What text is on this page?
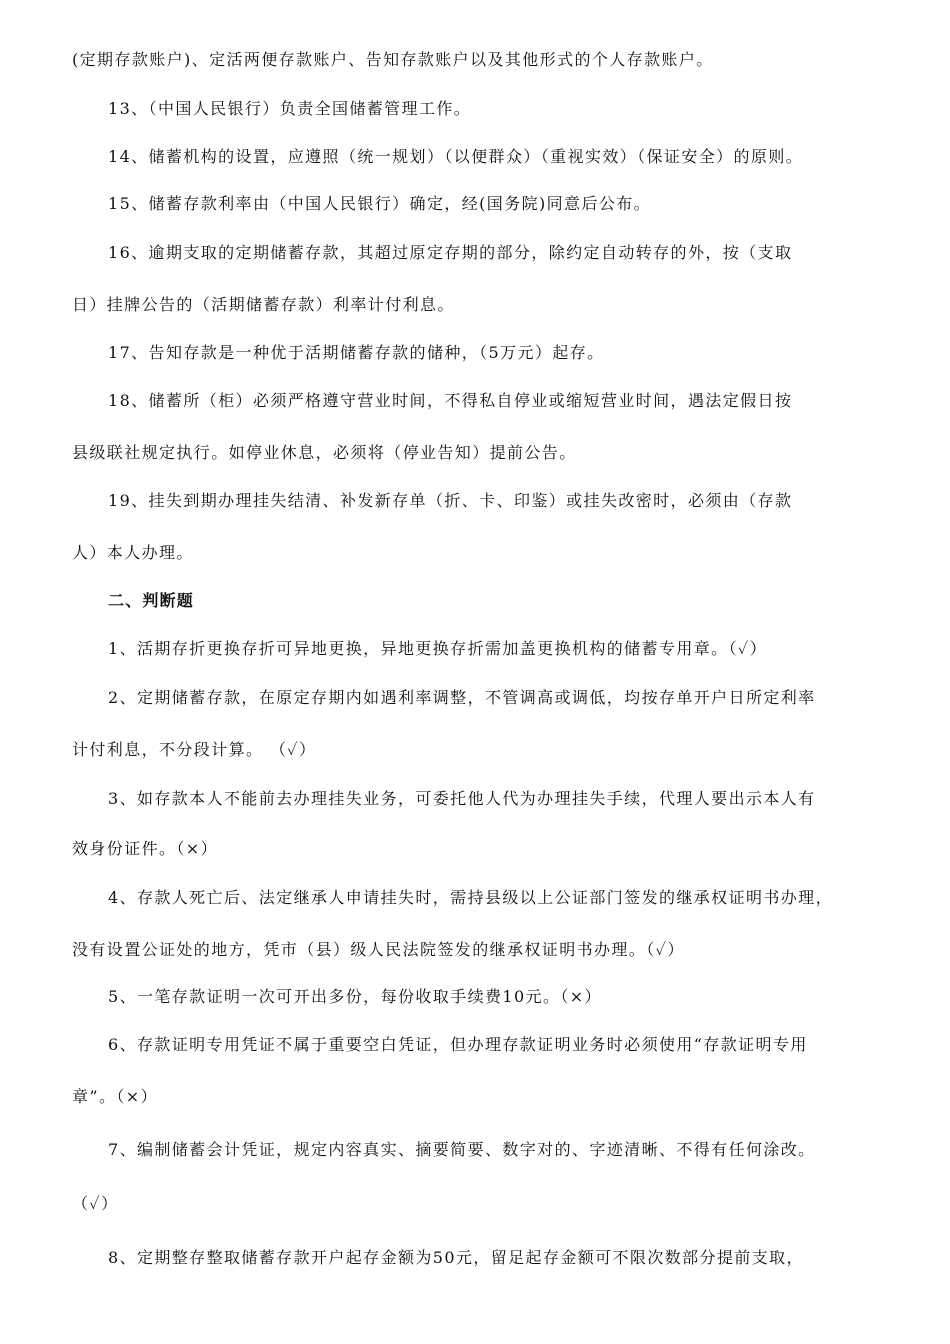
(定期存款账户)、定活两便存款账户、告知存款账户以及其他形式的个人存款账户。
13、（中国人民银行）负责全国储蓄管理工作。
14、储蓄机构的设置，应遵照（统一规划）（以便群众）（重视实效）（保证安全）的原则。
15、储蓄存款利率由（中国人民银行）确定，经(国务院)同意后公布。
16、逾期支取的定期储蓄存款，其超过原定存期的部分，除约定自动转存的外，按（支取
日）挂牌公告的（活期储蓄存款）利率计付利息。
17、告知存款是一种优于活期储蓄存款的储种，（5万元）起存。
18、储蓄所（柜）必须严格遵守营业时间，不得私自停业或缩短营业时间，遇法定假日按
县级联社规定执行。如停业休息，必须将（停业告知）提前公告。
19、挂失到期办理挂失结清、补发新存单（折、卡、印鉴）或挂失改密时，必须由（存款
人）本人办理。
二、判断题
1、活期存折更换存折可异地更换，异地更换存折需加盖更换机构的储蓄专用章。（✓）
2、定期储蓄存款，在原定存期内如遇利率调整，不管调高或调低，均按存单开户日所定利率
计付利息，不分段计算。 （✓）
3、如存款本人不能前去办理挂失业务，可委托他人代为办理挂失手续，代理人要出示本人有
效身份证件。（×）
4、存款人死亡后、法定继承人申请挂失时，需持县级以上公证部门签发的继承权证明书办理，
没有设置公证处的地方，凭市（县）级人民法院签发的继承权证明书办理。（✓）
5、一笔存款证明一次可开出多份，每份收取手续费10元。（×）
6、存款证明专用凭证不属于重要空白凭证，但办理存款证明业务时必须使用“存款证明专用
章”。（×）
7、编制储蓄会计凭证，规定内容真实、摘要简要、数字对的、字迹清晰、不得有任何涂改。
（✓）
8、定期整存整取储蓄存款开户起存金额为50元，留足起存金额可不限次数部分提前支取，
